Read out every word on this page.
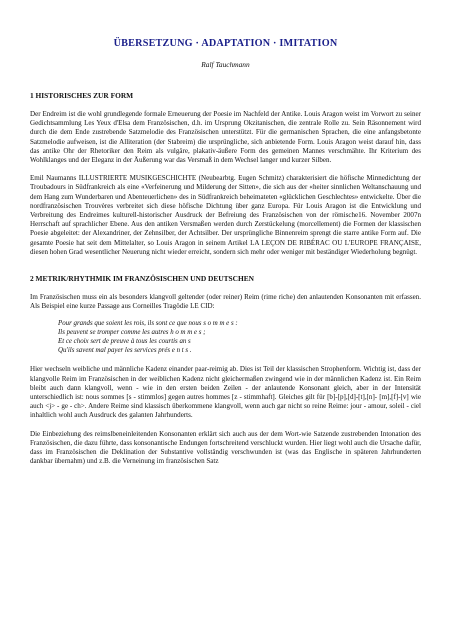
ÜBERSETZUNG · ADAPTATION · IMITATION
Ralf Tauchmann
1 HISTORISCHES ZUR FORM
Der Endreim ist die wohl grundlegende formale Erneuerung der Poesie im Nachfeld der Antike. Louis Aragon weist im Vorwort zu seiner Gedichtsammlung Les Yeux d'Elsa dem Französischen, d.h. im Ursprung Okzitanischen, die zentrale Rolle zu. Sein Räsonnement wird durch die dem Ende zustrebende Satzmelodie des Französischen unterstützt. Für die germanischen Sprachen, die eine anfangsbetonte Satzmelodie aufweisen, ist die Alliteration (der Stabreim) die ursprüngliche, sich anbietende Form. Louis Aragon weist darauf hin, dass das antike Ohr der Rhetoriker den Reim als vulgäre, plakativ-äußere Form des gemeinen Mannes verschmähte. Ihr Kriterium des Wohlklanges und der Eleganz in der Äußerung war das Versmaß in dem Wechsel langer und kurzer Silben.
Emil Naumanns ILLUSTRIERTE MUSIKGESCHICHTE (Neubearbtg. Eugen Schmitz) charakterisiert die höfische Minnedichtung der Troubadours in Südfrankreich als eine «Verfeinerung und Milderung der Sitten», die sich aus der «heiter sinnlichen Weltanschauung und dem Hang zum Wunderbaren und Abenteuerlichen» des in Südfrankreich beheimateten «glücklichen Geschlechtes» entwickelte. Über die nordfranzösischen Trouvères verbreitet sich diese höfische Dichtung über ganz Europa. Für Louis Aragon ist die Entwicklung und Verbreitung des Endreimes kulturell-historischer Ausdruck der Befreiung des Französischen von der römische16. November 2007n Herrschaft auf sprachlicher Ebene. Aus den antiken Versmaßen werden durch Zerstückelung (morcellement) die Formen der klassischen Poesie abgeleitet: der Alexandriner, der Zehnsilber, der Achtsilber. Der ursprüngliche Binnenreim sprengt die starre antike Form auf. Die gesamte Poesie hat seit dem Mittelalter, so Louis Aragon in seinem Artikel LA LEÇON DE RIBÉRAC OU L'EUROPE FRANÇAISE, diesen hohen Grad wesentlicher Neuerung nicht wieder erreicht, sondern sich mehr oder weniger mit beständiger Wiederholung begnügt.
2 METRIK/RHYTHMIK IM FRANZÖSISCHEN UND DEUTSCHEN
Im Französischen muss ein als besonders klangvoll geltender (oder reiner) Reim (rime riche) den anlautenden Konsonanten mit erfassen. Als Beispiel eine kurze Passage aus Corneilles Tragödie LE CID:
Pour grands que soient les rois, ils sont ce que nous s o m m e s :
Ils peuvent se tromper comme les autres h o m m e s ;
Et ce choix sert de preuve à tous les courtis an s
Qu'ils savent mal payer les services prés e n t s .
Hier wechseln weibliche und männliche Kadenz einander paar-reimig ab. Dies ist Teil der klassischen Strophenform. Wichtig ist, dass der klangvolle Reim im Französischen in der weiblichen Kadenz nicht gleichermaßen zwingend wie in der männlichen Kadenz ist. Ein Reim bleibt auch dann klangvoll, wenn - wie in den ersten beiden Zeilen - der anlautende Konsonant gleich, aber in der Intensität unterschiedlich ist: nous sommes [s - stimmlos] gegen autres hommes [z - stimmhaft]. Gleiches gilt für [b]-[p],[d]-[t],[n]- [m],[f]-[v] wie auch <j> - ge - ch>. Andere Reime sind klassisch überkommene klangvoll, wenn auch gar nicht so reine Reime: jour - amour, soleil - ciel inhaltlich wohl auch Ausdruck des galanten Jahrhunderts.
Die Einbeziehung des reimslbeneinleitenden Konsonanten erklärt sich auch aus der dem Wort-wie Satzende zustrebenden Intonation des Französischen, die dazu führte, dass konsonantische Endungen fortschreitend verschluckt wurden. Hier liegt wohl auch die Ursache dafür, dass im Französischen die Deklination der Substantive vollständig verschwunden ist (was das Englische in späteren Jahrhunderten dankbar übernahm) und z.B. die Verneinung im französischen Satz
